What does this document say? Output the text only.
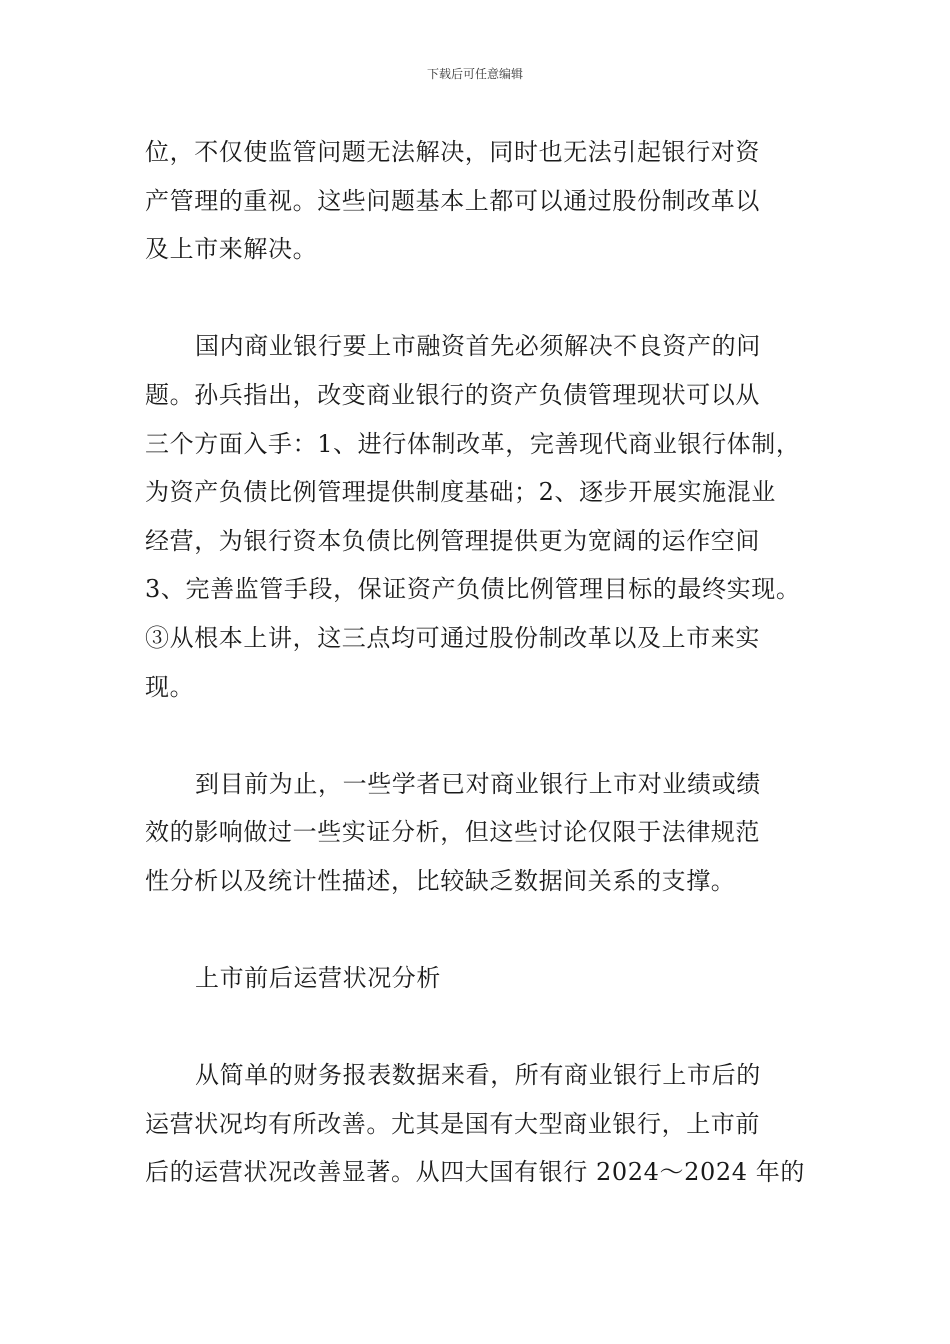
下载后可任意编辑

位，不仅使监管问题无法解决，同时也无法引起银行对资

产管理的重视。这些问题基本上都可以通过股份制改革以

及上市来解决。

国内商业银行要上市融资首先必须解决不良资产的问

题。孙兵指出，改变商业银行的资产负债管理现状可以从

三个方面入手：1、进行体制改革，完善现代商业银行体制，

为资产负债比例管理提供制度基础；2、逐步开展实施混业

经营，为银行资本负债比例管理提供更为宽阔的运作空间

3、完善监管手段，保证资产负债比例管理目标的最终实现。

③从根本上讲，这三点均可通过股份制改革以及上市来实

现。

到目前为止，一些学者已对商业银行上市对业绩或绩

效的影响做过一些实证分析，但这些讨论仅限于法律规范

性分析以及统计性描述，比较缺乏数据间关系的支撑。

上市前后运营状况分析

从简单的财务报表数据来看，所有商业银行上市后的

运营状况均有所改善。尤其是国有大型商业银行，上市前

后的运营状况改善显著。从四大国有银行 2024～2024 年的
